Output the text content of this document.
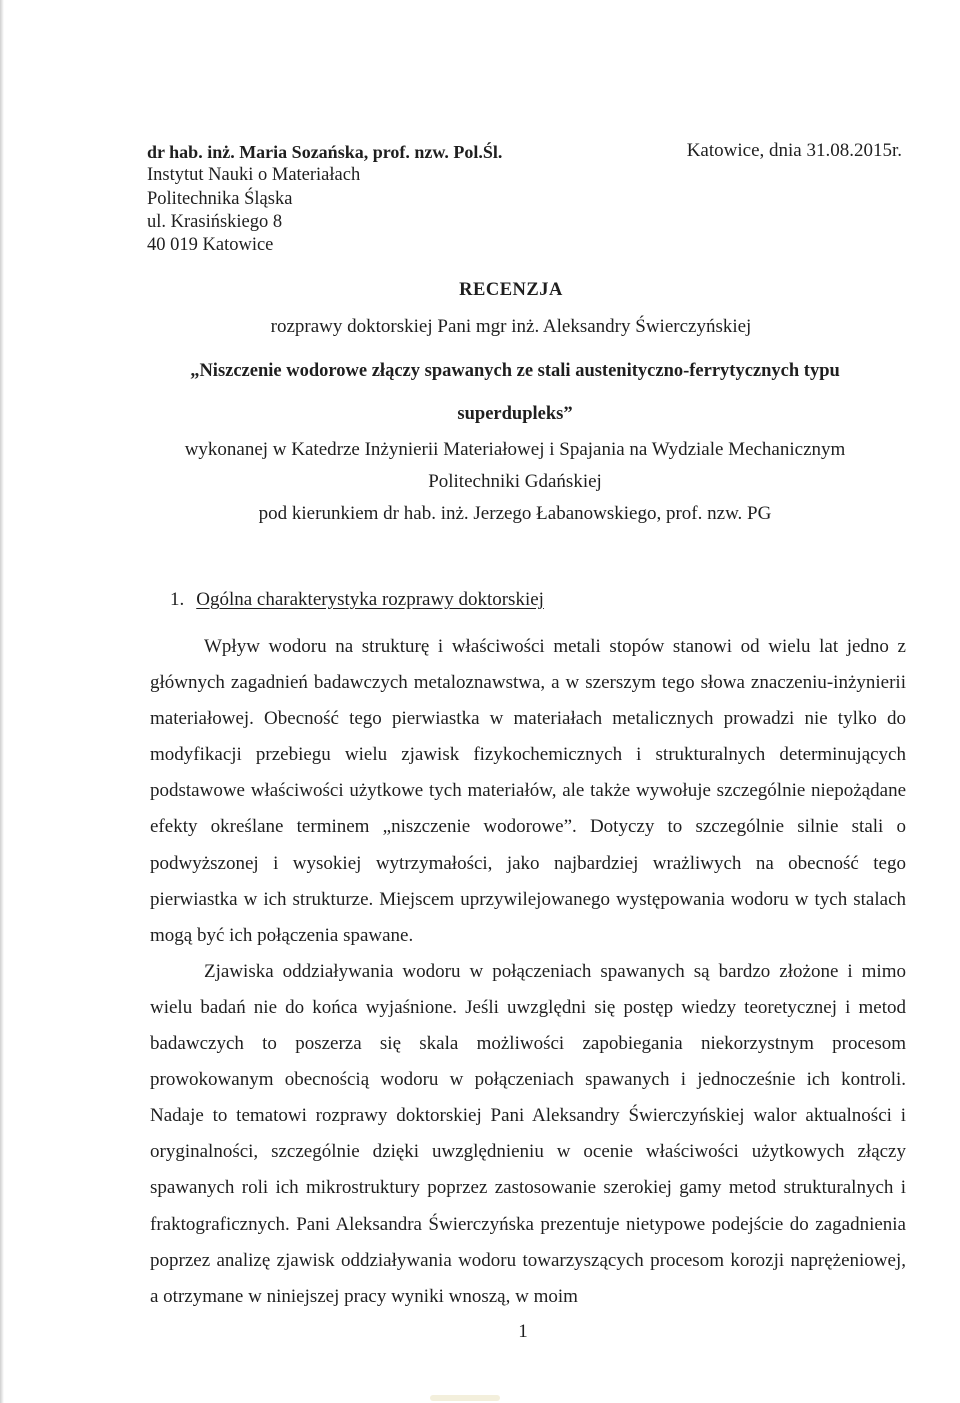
Katowice, dnia 31.08.2015r.
dr hab. inż. Maria Sozańska, prof. nzw. Pol.Śl.
Instytut Nauki o Materiałach
Politechnika Śląska
ul. Krasińskiego 8
40 019 Katowice
RECENZJA
rozprawy doktorskiej Pani mgr inż. Aleksandry Świerczyńskiej
„Niszczenie wodorowe złączy spawanych ze stali austenityczno-ferrytycznych typu superdupleks”
wykonanej w Katedrze Inżynierii Materiałowej i Spajania na Wydziale Mechanicznym Politechniki Gdańskiej
pod kierunkiem dr hab. inż. Jerzego Łabanowskiego, prof. nzw. PG
1. Ogólna charakterystyka rozprawy doktorskiej

Wpływ wodoru na strukturę i właściwości metali stopów stanowi od wielu lat jedno z głównych zagadnień badawczych metaloznawstwa, a w szerszym tego słowa znaczeniu-inżynierii materiałowej. Obecność tego pierwiastka w materiałach metalicznych prowadzi nie tylko do modyfikacji przebiegu wielu zjawisk fizykochemicznych i strukturalnych determinujących podstawowe właściwości użytkowe tych materiałów, ale także wywołuje szczególnie niepożądane efekty określane terminem „niszczenie wodorowe”. Dotyczy to szczególnie silnie stali o podwyższonej i wysokiej wytrzymałości, jako najbardziej wrażliwych na obecność tego pierwiastka w ich strukturze. Miejscem uprzywilejowanego występowania wodoru w tych stalach mogą być ich połączenia spawane.

Zjawiska oddziaływania wodoru w połączeniach spawanych są bardzo złożone i mimo wielu badań nie do końca wyjaśnione. Jeśli uwzględni się postęp wiedzy teoretycznej i metod badawczych to poszerza się skala możliwości zapobiegania niekorzystnym procesom prowokowanym obecnością wodoru w połączeniach spawanych i jednocześnie ich kontroli. Nadaje to tematowi rozprawy doktorskiej Pani Aleksandry Świerczyńskiej walor aktualności i oryginalności, szczególnie dzięki uwzględnieniu w ocenie właściwości użytkowych złączy spawanych roli ich mikrostruktury poprzez zastosowanie szerokiej gamy metod strukturalnych i fraktograficznych. Pani Aleksandra Świerczyńska prezentuje nietypowe podejście do zagadnienia poprzez analizę zjawisk oddziaływania wodoru towarzyszących procesom korozji naprężeniowej, a otrzymane w niniejszej pracy wyniki wnoszą, w moim

1
